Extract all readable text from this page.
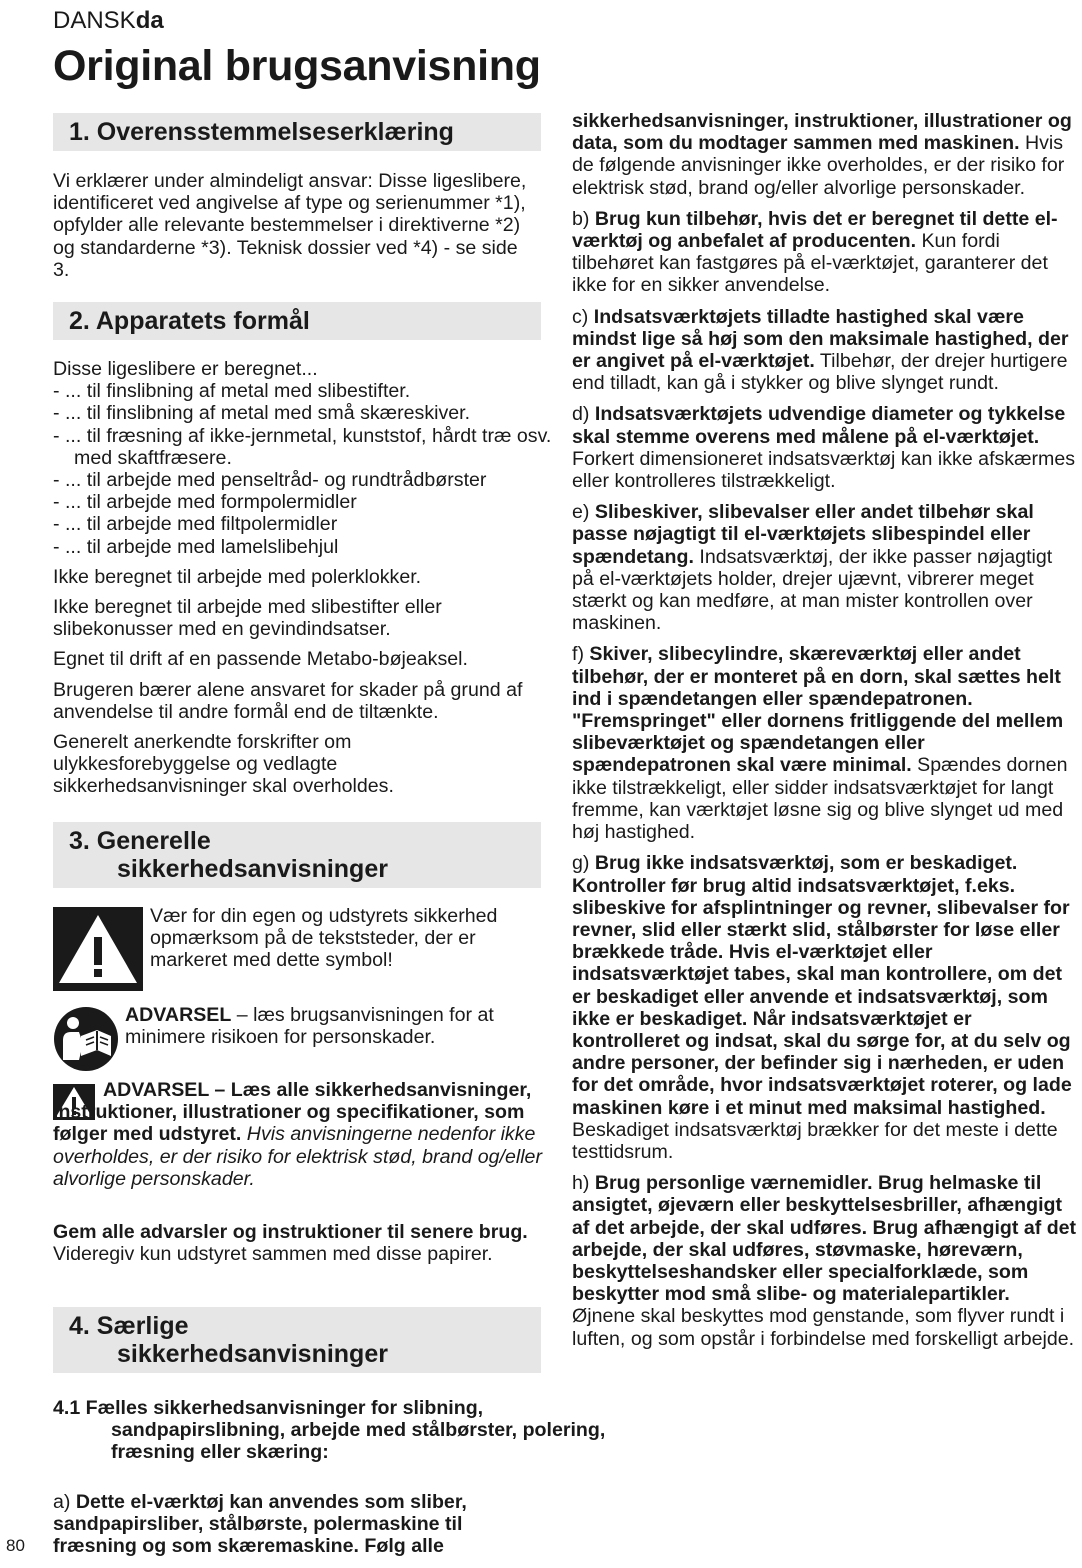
DANSKda
Original brugsanvisning
1. Overensstemmelseserklæring

Vi erklærer under almindeligt ansvar: Disse ligeslibere, identificeret ved angivelse af type og serienummer *1), opfylder alle relevante bestemmelser i direktiverne *2) og standarderne *3). Teknisk dossier ved *4) - se side 3.

2. Apparatets formål

Disse ligeslibere er beregnet...

- ... til finslibning af metal med slibestifter.

- ... til finslibning af metal med små skæreskiver.

- ... til fræsning af ikke-jernmetal, kunststof, hårdt træ osv. med skaftfræsere.

- ... til arbejde med penseltråd- og rundtrådbørster

- ... til arbejde med formpolermidler

- ... til arbejde med filtpolermidler

- ... til arbejde med lamelslibehjul

Ikke beregnet til arbejde med polerklokker.

Ikke beregnet til arbejde med slibestifter eller slibekonusser med en gevindindsatser.

Egnet til drift af en passende Metabo-bøjeaksel.

Brugeren bærer alene ansvaret for skader på grund af anvendelse til andre formål end de tiltænkte.

Generelt anerkendte forskrifter om ulykkesforebyggelse og vedlagte sikkerhedsanvisninger skal overholdes.

3. Generelle
sikkerhedsanvisninger

Vær for din egen og udstyrets sikkerhed opmærksom på de tekststeder, der er markeret med dette symbol!

ADVARSEL – læs brugsanvisningen for at minimere risikoen for personskader.

ADVARSEL – Læs alle sikkerhedsanvisninger, instruktioner, illustrationer og specifikationer, som følger med udstyret. Hvis anvisningerne nedenfor ikke overholdes, er der risiko for elektrisk stød, brand og/eller alvorlige personskader.

Gem alle advarsler og instruktioner til senere brug.
Videregiv kun udstyret sammen med disse papirer.

4. Særlige
sikkerhedsanvisninger

4.1 Fælles sikkerhedsanvisninger for slibning, sandpapirslibning, arbejde med stålbørster, polering, fræsning eller skæring:

a) Dette el-værktøj kan anvendes som sliber, sandpapirsliber, stålbørste, polermaskine til fræsning og som skæremaskine. Følg alle

sikkerhedsanvisninger, instruktioner, illustrationer og data, som du modtager sammen med maskinen. Hvis de følgende anvisninger ikke overholdes, er der risiko for elektrisk stød, brand og/eller alvorlige personskader.

b) Brug kun tilbehør, hvis det er beregnet til dette el-værktøj og anbefalet af producenten. Kun fordi tilbehøret kan fastgøres på el-værktøjet, garanterer det ikke for en sikker anvendelse.

c) Indsatsværktøjets tilladte hastighed skal være mindst lige så høj som den maksimale hastighed, der er angivet på el-værktøjet. Tilbehør, der drejer hurtigere end tilladt, kan gå i stykker og blive slynget rundt.

d) Indsatsværktøjets udvendige diameter og tykkelse skal stemme overens med målene på el-værktøjet. Forkert dimensioneret indsatsværktøj kan ikke afskærmes eller kontrolleres tilstrækkeligt.

e) Slibeskiver, slibevalser eller andet tilbehør skal passe nøjagtigt til el-værktøjets slibespindel eller spændetang. Indsatsværktøj, der ikke passer nøjagtigt på el-værktøjets holder, drejer ujævnt, vibrerer meget stærkt og kan medføre, at man mister kontrollen over maskinen.

f) Skiver, slibecylindre, skæreværktøj eller andet tilbehør, der er monteret på en dorn, skal sættes helt ind i spændetangen eller spændepatronen. "Fremspringet" eller dornens fritliggende del mellem slibeværktøjet og spændetangen eller spændepatronen skal være minimal. Spændes dornen ikke tilstrækkeligt, eller sidder indsatsværktøjet for langt fremme, kan værktøjet løsne sig og blive slynget ud med høj hastighed.

g) Brug ikke indsatsværktøj, som er beskadiget. Kontroller før brug altid indsatsværktøjet, f.eks. slibeskive for afsplintninger og revner, slibevalser for revner, slid eller stærkt slid, stålbørster for løse eller brækkede tråde. Hvis el-værktøjet eller indsatsværktøjet tabes, skal man kontrollere, om det er beskadiget eller anvende et indsatsværktøj, som ikke er beskadiget. Når indsatsværktøjet er kontrolleret og indsat, skal du sørge for, at du selv og andre personer, der befinder sig i nærheden, er uden for det område, hvor indsatsværktøjet roterer, og lade maskinen køre i et minut med maksimal hastighed. Beskadiget indsatsværktøj brækker for det meste i dette testtidsrum.

h) Brug personlige værnemidler. Brug helmaske til ansigtet, øjeværn eller beskyttelsesbriller, afhængigt af det arbejde, der skal udføres. Brug afhængigt af det arbejde, der skal udføres, støvmaske, høreværn, beskyttelseshandsker eller specialforklæde, som beskytter mod små slibe- og materialepartikler. Øjnene skal beskyttes mod genstande, som flyver rundt i luften, og som opstår i forbindelse med forskelligt arbejde.

80
